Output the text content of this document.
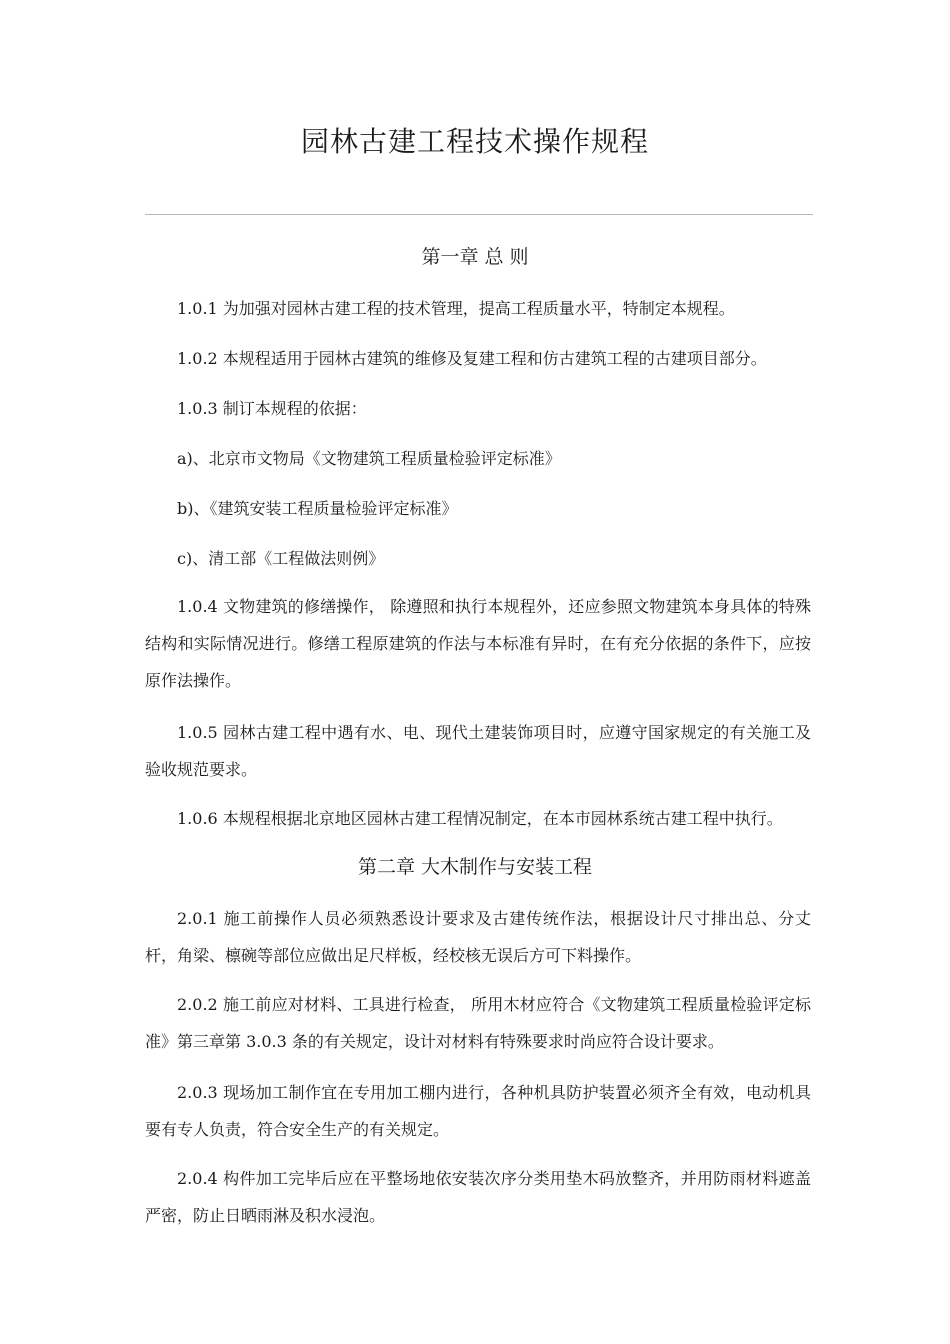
园林古建工程技术操作规程
第一章 总 则

1.0.1 为加强对园林古建工程的技术管理，提高工程质量水平，特制定本规程。

1.0.2 本规程适用于园林古建筑的维修及复建工程和仿古建筑工程的古建项目部分。

1.0.3 制订本规程的依据：

a)、北京市文物局《文物建筑工程质量检验评定标准》

b)、《建筑安装工程质量检验评定标准》

c)、清工部《工程做法则例》

1.0.4 文物建筑的修缮操作， 除遵照和执行本规程外，还应参照文物建筑本身具体的特殊结构和实际情况进行。修缮工程原建筑的作法与本标准有异时，在有充分依据的条件下，应按原作法操作。

1.0.5 园林古建工程中遇有水、电、现代土建装饰项目时，应遵守国家规定的有关施工及验收规范要求。

1.0.6 本规程根据北京地区园林古建工程情况制定，在本市园林系统古建工程中执行。

第二章 大木制作与安装工程

2.0.1 施工前操作人员必须熟悉设计要求及古建传统作法，根据设计尺寸排出总、分丈杆，角梁、檩碗等部位应做出足尺样板，经校核无误后方可下料操作。

2.0.2 施工前应对材料、工具进行检查， 所用木材应符合《文物建筑工程质量检验评定标准》第三章第 3.0.3 条的有关规定，设计对材料有特殊要求时尚应符合设计要求。

2.0.3 现场加工制作宜在专用加工棚内进行，各种机具防护装置必须齐全有效，电动机具要有专人负责，符合安全生产的有关规定。

2.0.4 构件加工完毕后应在平整场地依安装次序分类用垫木码放整齐，并用防雨材料遮盖严密，防止日晒雨淋及积水浸泡。
